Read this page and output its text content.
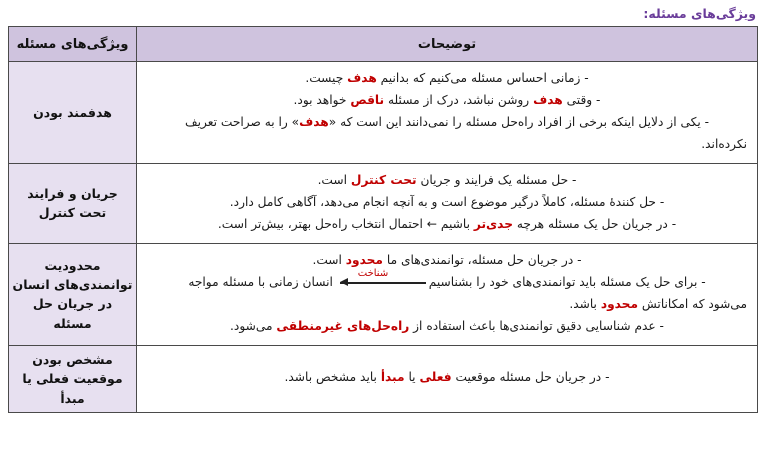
ویژگی‌های مسئله:
توضیحات	ویژگی‌های مسئله

- زمانی احساس مسئله می‌کنیم که بدانیم هدف چیست.

- وقتی هدف روشن نباشد، درک از مسئله ناقص خواهد بود.

- یکی از دلایل اینکه برخی از افراد راه‌حل مسئله را نمی‌دانند این است که «هدف» را به صراحت تعریف

نکرده‌اند.	هدفمند بودن

- حل مسئله یک فرایند و جریان تحت کنترل است.

- حل کنندهٔ مسئله، کاملاً درگیر موضوع است و به آنچه انجام می‌دهد، آگاهی کامل دارد.

- در جریان حل یک مسئله هرچه جدی‌تر باشیم ← احتمال انتخاب راه‌حل بهتر، بیش‌تر است.	جریان و فرایند تحت کنترل

- در جریان حل مسئله، توانمندی‌های ما محدود است.

- برای حل یک مسئله باید توانمندی‌های خود را بشناسیم
شناخت
انسان زمانی با مسئله مواجه

می‌شود که امکاناتش محدود باشد.

- عدم شناسایی دقیق توانمندی‌ها باعث استفاده از راه‌حل‌های غیرمنطقی می‌شود.

	محدودیت توانمندی‌های انسان در جریان حل مسئله

- در جریان حل مسئله موقعیت فعلی یا مبدأ باید مشخص باشد.	مشخص بودن موقعیت فعلی یا مبدأ
